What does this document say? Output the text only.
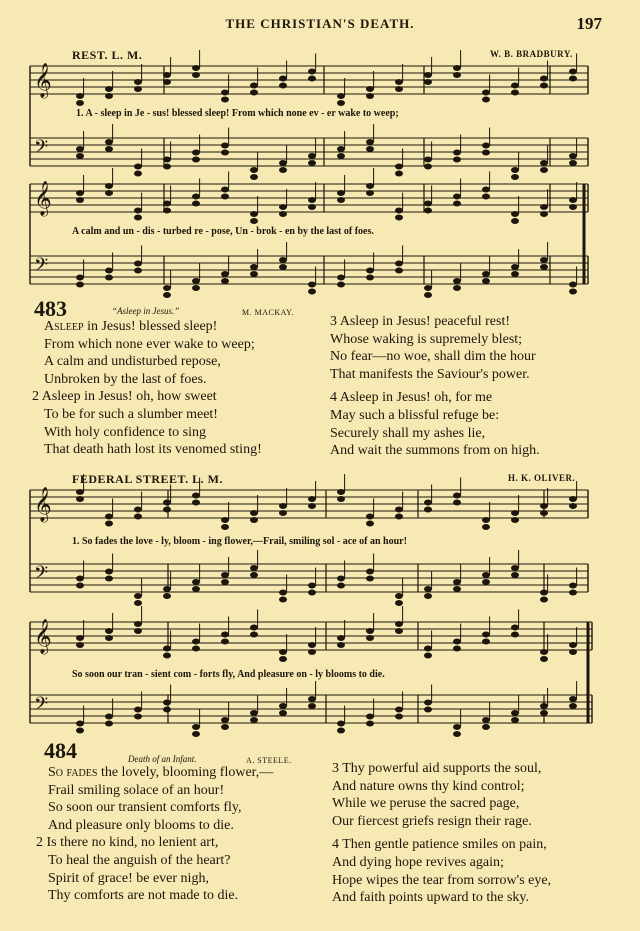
THE CHRISTIAN'S DEATH.	197
REST. L. M.	W. B. BRADBURY.
𝄞
𝄢
𝄞
𝄢
𝄞
𝄢
𝄞
𝄢
1. A - sleep in Je - sus! blessed sleep! From which none ev - er wake to weep;
A calm and un - dis - turbed re - pose, Un - brok - en by the last of foes.
483	“Asleep in Jesus.”	M. MACKAY.
Asleep in Jesus! blessed sleep!
From which none ever wake to weep;
A calm and undisturbed repose,
Unbroken by the last of foes.
2 Asleep in Jesus! oh, how sweet
To be for such a slumber meet!
With holy confidence to sing
That death hath lost its venomed sting!
3 Asleep in Jesus! peaceful rest!
Whose waking is supremely blest;
No fear—no woe, shall dim the hour
That manifests the Saviour's power.
4 Asleep in Jesus! oh, for me
May such a blissful refuge be:
Securely shall my ashes lie,
And wait the summons from on high.
FEDERAL STREET. L. M.	H. K. OLIVER.
1. So fades the love - ly, bloom - ing flower,—Frail, smiling sol - ace of an hour!
So soon our tran - sient com - forts fly, And pleasure on - ly blooms to die.
484	Death of an Infant.	A. STEELE.
So fades the lovely, blooming flower,—
Frail smiling solace of an hour!
So soon our transient comforts fly,
And pleasure only blooms to die.
2 Is there no kind, no lenient art,
To heal the anguish of the heart?
Spirit of grace! be ever nigh,
Thy comforts are not made to die.
3 Thy powerful aid supports the soul,
And nature owns thy kind control;
While we peruse the sacred page,
Our fiercest griefs resign their rage.
4 Then gentle patience smiles on pain,
And dying hope revives again;
Hope wipes the tear from sorrow's eye,
And faith points upward to the sky.
